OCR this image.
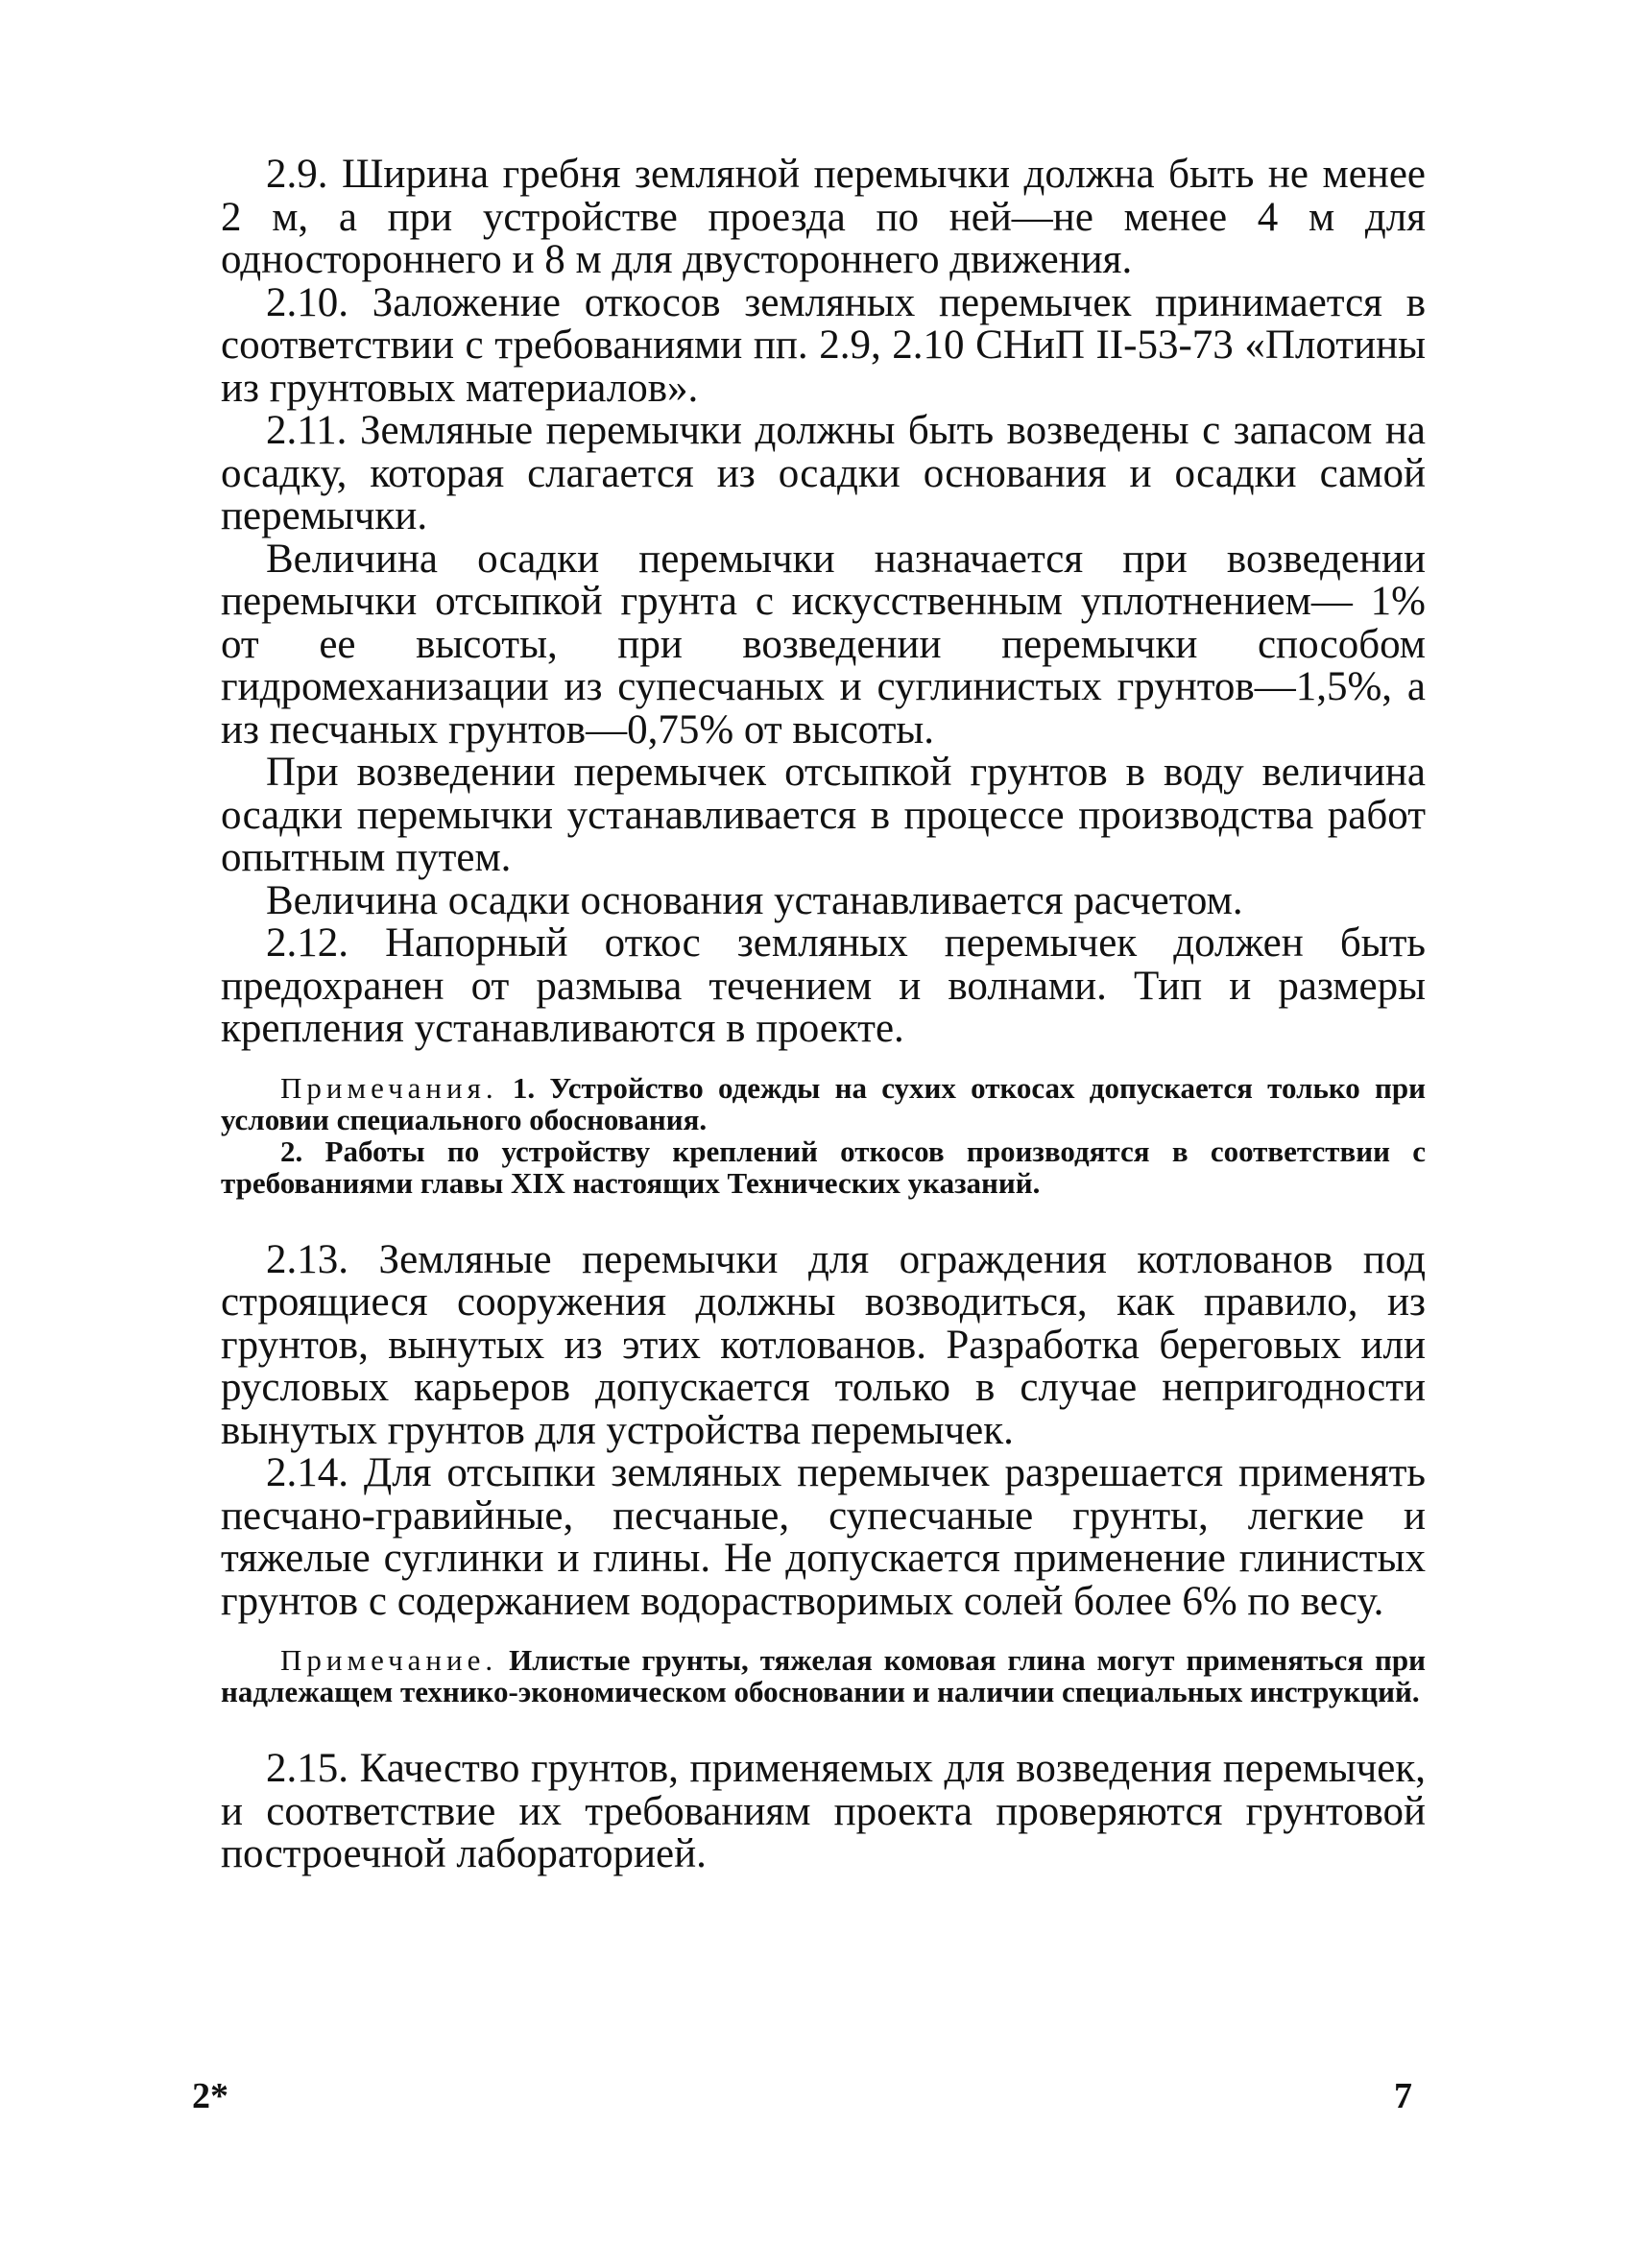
2.9. Ширина гребня земляной перемычки должна быть не менее 2 м, а при устройстве проезда по ней—не менее 4 м для одностороннего и 8 м для двустороннего движения.

2.10. Заложение откосов земляных перемычек принимается в соответствии с требованиями пп. 2.9, 2.10 СНиП II-53-73 «Плотины из грунтовых материалов».

2.11. Земляные перемычки должны быть возведены с запасом на осадку, которая слагается из осадки основания и осадки самой перемычки.

Величина осадки перемычки назначается при возведении перемычки отсыпкой грунта с искусственным уплотнением— 1% от ее высоты, при возведении перемычки способом гидромеханизации из супесчаных и суглинистых грунтов—1,5%, а из песчаных грунтов—0,75% от высоты.

При возведении перемычек отсыпкой грунтов в воду величина осадки перемычки устанавливается в процессе производства работ опытным путем.

Величина осадки основания устанавливается расчетом.

2.12. Напорный откос земляных перемычек должен быть предохранен от размыва течением и волнами. Тип и размеры крепления устанавливаются в проекте.

Примечания. 1. Устройство одежды на сухих откосах допускается только при условии специального обоснования.

2. Работы по устройству креплений откосов производятся в соответствии с требованиями главы XIX настоящих Технических указаний.

2.13. Земляные перемычки для ограждения котлованов под строящиеся сооружения должны возводиться, как правило, из грунтов, вынутых из этих котлованов. Разработка береговых или русловых карьеров допускается только в случае непригодности вынутых грунтов для устройства перемычек.

2.14. Для отсыпки земляных перемычек разрешается применять песчано-гравийные, песчаные, супесчаные грунты, легкие и тяжелые суглинки и глины. Не допускается применение глинистых грунтов с содержанием водорастворимых солей более 6% по весу.

Примечание. Илистые грунты, тяжелая комовая глина могут применяться при надлежащем технико-экономическом обосновании и наличии специальных инструкций.

2.15. Качество грунтов, применяемых для возведения перемычек, и соответствие их требованиям проекта проверяются грунтовой построечной лабораторией.

2*	7
